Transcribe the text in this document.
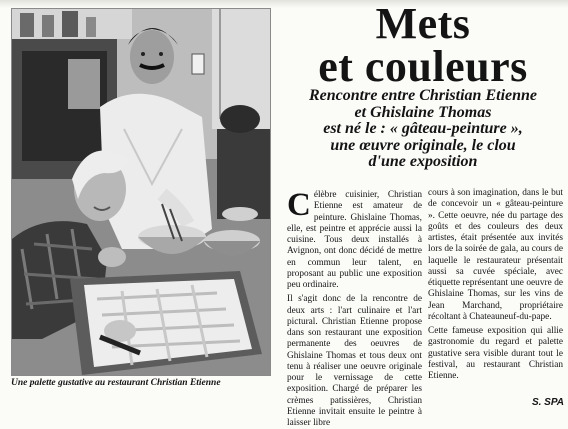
Une palette gustative au restaurant Christian Etienne
Mets
et couleurs
Rencontre entre Christian Etienne
et Ghislaine Thomas
est né le : « gâteau-peinture »,
une œuvre originale, le clou
d'une exposition

Célèbre cuisinier, Christian Etienne est amateur de peinture. Ghislaine Thomas, elle, est peintre et apprécie aussi la cuisine. Tous deux installés à Avignon, ont donc décidé de mettre en commun leur talent, en proposant au public une exposition peu ordinaire.

Il s'agit donc de la rencontre de deux arts : l'art culinaire et l'art pictural. Christian Etienne propose dans son restaurant une exposition permanente des oeuvres de Ghislaine Thomas et tous deux ont tenu à réaliser une oeuvre originale pour le vernissage de cette exposition. Chargé de préparer les crèmes patissières, Christian Etienne invitait ensuite le peintre à laisser libre

cours à son imagination, dans le but de concevoir un « gâteau-peinture ». Cette oeuvre, née du partage des goûts et des couleurs des deux artistes, était présentée aux invités lors de la soirée de gala, au cours de laquelle le restaurateur présentait aussi sa cuvée spéciale, avec étiquette représentant une oeuvre de Ghislaine Thomas, sur les vins de Jean Marchand, propriétaire récoltant à Chateauneuf-du-pape.

Cette fameuse exposition qui allie gastronomie du regard et palette gustative sera visible durant tout le festival, au restaurant Christian Etienne.

S. SPA
